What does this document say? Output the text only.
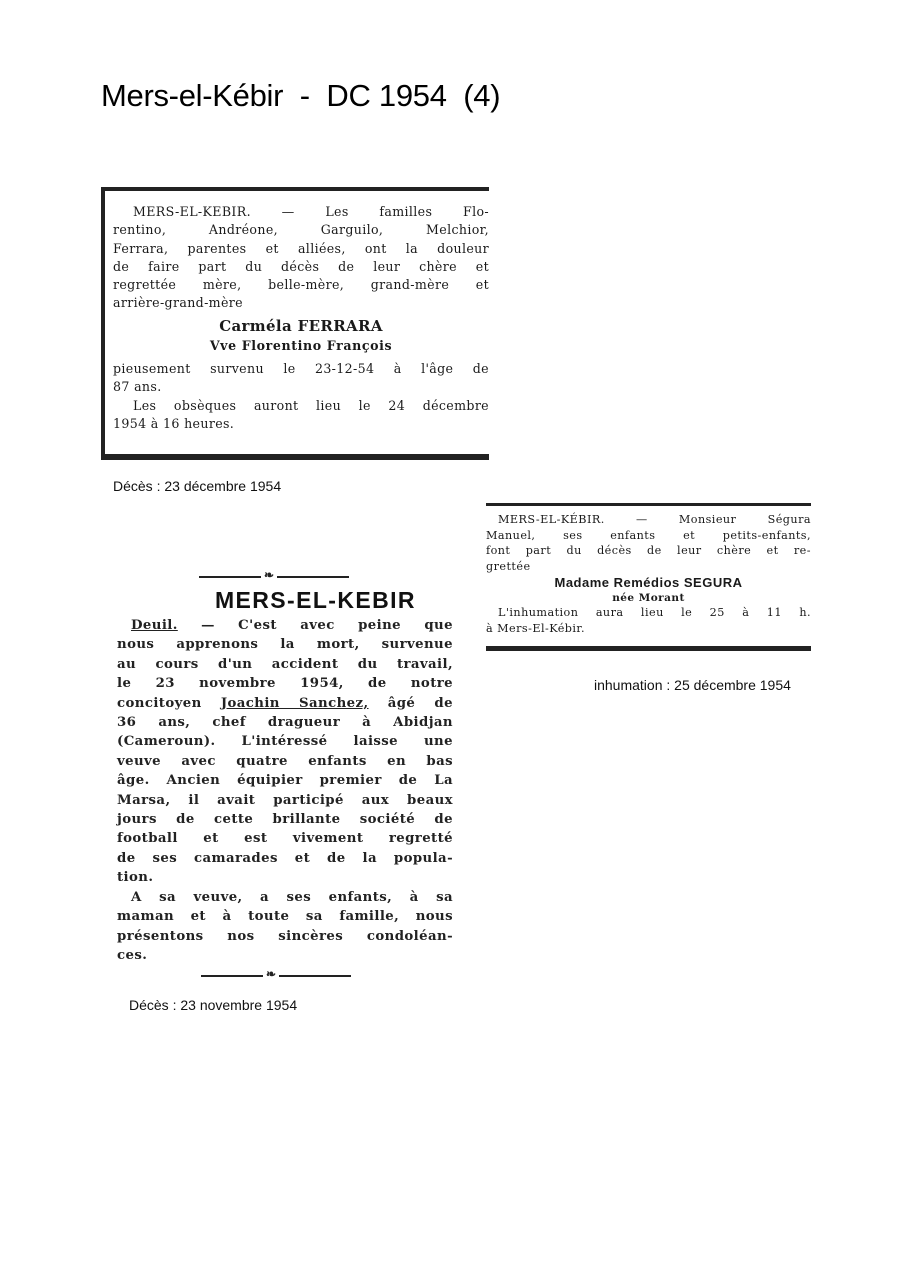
Mers-el-Kébir  -  DC 1954  (4)

MERS-EL-KEBIR. — Les familles Flo-

rentino, Andréone, Garguilo, Melchior,

Ferrara, parentes et alliées, ont la douleur

de faire part du décès de leur chère et

regrettée mère, belle-mère, grand-mère et

arrière-grand-mère

Carméla FERRARA

Vve Florentino François

pieusement survenu le 23-12-54 à l'âge de

87 ans.

Les obsèques auront lieu le 24 décembre

1954 à 16 heures.

Décès : 23 décembre 1954

MERS-EL-KÉBIR. — Monsieur Ségura

Manuel, ses enfants et petits-enfants,

font part du décès de leur chère et re-

grettée

Madame Remédios SEGURA

née Morant

L'inhumation aura lieu le 25 à 11 h.

à Mers-El-Kébir.

inhumation : 25 décembre 1954
❧
MERS-EL-KEBIR

Deuil. — C'est avec peine que

nous apprenons la mort, survenue

au cours d'un accident du travail,

le 23 novembre 1954, de notre

concitoyen Joachin Sanchez, âgé de

36 ans, chef dragueur à Abidjan

(Cameroun). L'intéressé laisse une

veuve avec quatre enfants en bas

âge. Ancien équipier premier de La

Marsa, il avait participé aux beaux

jours de cette brillante société de

football et est vivement regretté

de ses camarades et de la popula-

tion.

A sa veuve, a ses enfants, à sa

maman et à toute sa famille, nous

présentons nos sincères condoléan-

ces.

❧
Décès : 23 novembre 1954
